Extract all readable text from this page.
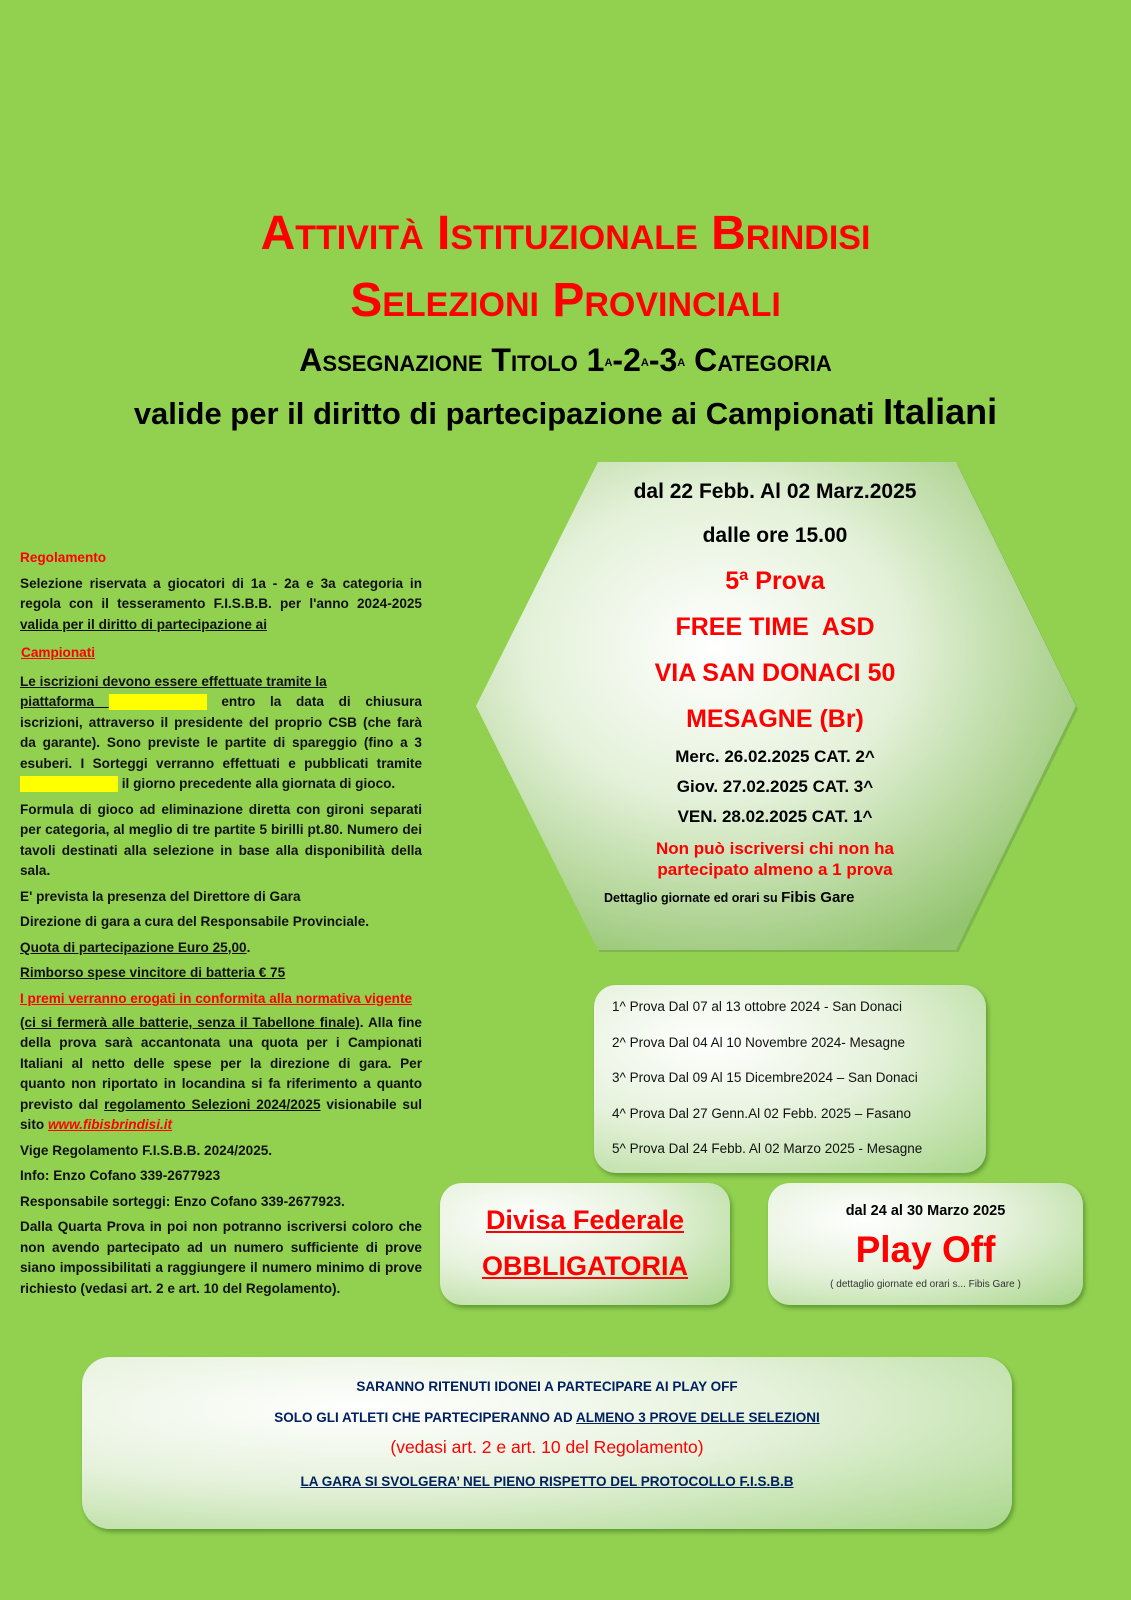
Attività Istituzionale Brindisi
Selezioni Provinciali
Assegnazione Titolo 1$^a$-2$^a$-3$^a$ Categoria
valide per il diritto di partecipazione ai Campionati Italiani

Regolamento

Selezione riservata a giocatori di 1a - 2a e 3a categoria in regola con il tesseramento F.I.S.B.B. per l'anno 2024-2025 valida per il diritto di partecipazione ai

Campionati

Le iscrizioni devono essere effettuate tramite la
piattaforma	entro la data di chiusura iscrizioni, attraverso il presidente del proprio CSB (che farà da garante). Sono previste le partite di spareggio (fino a 3 esuberi. I Sorteggi verranno effettuati e pubblicati tramite  il giorno precedente alla giornata di gioco.

Formula di gioco ad eliminazione diretta con gironi separati per categoria, al meglio di tre partite 5 birilli pt.80. Numero dei tavoli destinati alla selezione in base alla disponibilità della sala.

E' prevista la presenza del Direttore di Gara

Direzione di gara a cura del Responsabile Provinciale.

Quota di partecipazione Euro 25,00.

Rimborso spese vincitore di batteria € 75

I premi verranno erogati in conformita alla normativa vigente

(ci si fermerà alle batterie, senza il Tabellone finale). Alla fine della prova sarà accantonata una quota per i Campionati Italiani al netto delle spese per la direzione di gara. Per quanto non riportato in locandina si fa riferimento a quanto previsto dal regolamento Selezioni 2024/2025 visionabile sul sito www.fibisbrindisi.it

Vige Regolamento F.I.S.B.B. 2024/2025.

Info: Enzo Cofano 339-2677923

Responsabile sorteggi: Enzo Cofano 339-2677923.

Dalla Quarta Prova in poi non potranno iscriversi coloro che non avendo partecipato ad un numero sufficiente di prove siano impossibilitati a raggiungere il numero minimo di prove richiesto (vedasi art. 2 e art. 10 del Regolamento).

dal 22 Febb. Al 02 Marz.2025
dalle ore 15.00
5ª Prova
FREE TIME  ASD
VIA SAN DONACI 50
MESAGNE (Br)
Merc. 26.02.2025 CAT. 2^
Giov. 27.02.2025 CAT. 3^
VEN. 28.02.2025 CAT. 1^
Non può iscriversi chi non ha
partecipato almeno a 1 prova
Dettaglio giornate ed orari su Fibis Gare
1^ Prova Dal 07 al 13 ottobre 2024 - San Donaci
2^ Prova Dal 04 Al 10 Novembre 2024- Mesagne
3^ Prova Dal 09 Al 15 Dicembre2024 – San Donaci
4^ Prova Dal 27 Genn.Al 02 Febb. 2025 – Fasano
5^ Prova Dal 24 Febb. Al 02 Marzo 2025 - Mesagne
Divisa Federale
OBBLIGATORIA
dal 24 al 30 Marzo 2025
Play Off
( dettaglio giornate ed orari s... Fibis Gare )
SARANNO RITENUTI IDONEI A PARTECIPARE AI PLAY OFF
SOLO GLI ATLETI CHE PARTECIPERANNO AD ALMENO 3 PROVE DELLE SELEZIONI
(vedasi art. 2 e art. 10 del Regolamento)
LA GARA SI SVOLGERA’ NEL PIENO RISPETTO DEL PROTOCOLLO F.I.S.B.B
